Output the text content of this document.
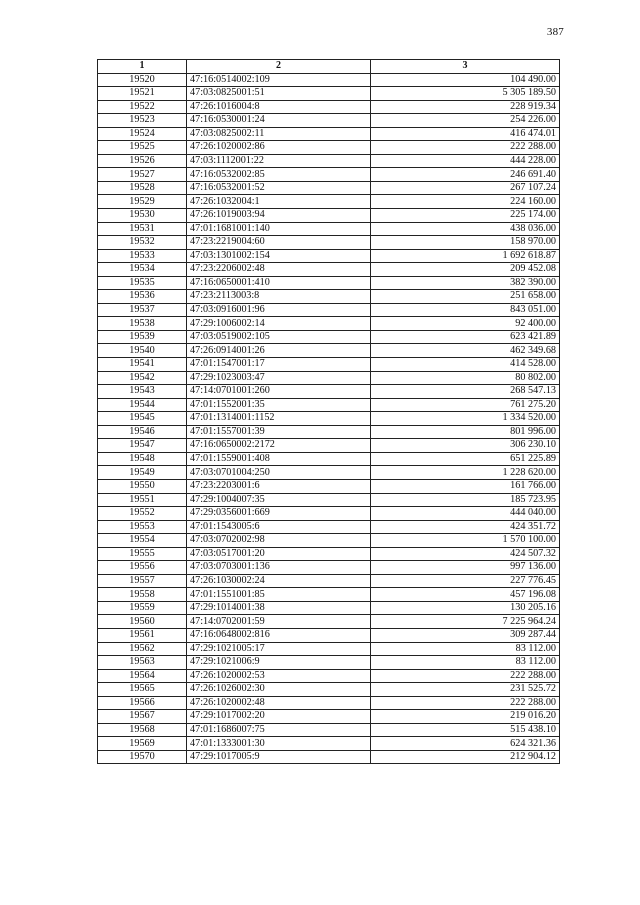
387
1	2	3
19520	47:16:0514002:109	104 490.00
19521	47:03:0825001:51	5 305 189.50
19522	47:26:1016004:8	228 919.34
19523	47:16:0530001:24	254 226.00
19524	47:03:0825002:11	416 474.01
19525	47:26:1020002:86	222 288.00
19526	47:03:1112001:22	444 228.00
19527	47:16:0532002:85	246 691.40
19528	47:16:0532001:52	267 107.24
19529	47:26:1032004:1	224 160.00
19530	47:26:1019003:94	225 174.00
19531	47:01:1681001:140	438 036.00
19532	47:23:2219004:60	158 970.00
19533	47:03:1301002:154	1 692 618.87
19534	47:23:2206002:48	209 452.08
19535	47:16:0650001:410	382 390.00
19536	47:23:2113003:8	251 658.00
19537	47:03:0916001:96	843 051.00
19538	47:29:1006002:14	92 400.00
19539	47:03:0519002:105	623 421.89
19540	47:26:0914001:26	462 349.68
19541	47:01:1547001:17	414 528.00
19542	47:29:1023003:47	80 802.00
19543	47:14:0701001:260	268 547.13
19544	47:01:1552001:35	761 275.20
19545	47:01:1314001:1152	1 334 520.00
19546	47:01:1557001:39	801 996.00
19547	47:16:0650002:2172	306 230.10
19548	47:01:1559001:408	651 225.89
19549	47:03:0701004:250	1 228 620.00
19550	47:23:2203001:6	161 766.00
19551	47:29:1004007:35	185 723.95
19552	47:29:0356001:669	444 040.00
19553	47:01:1543005:6	424 351.72
19554	47:03:0702002:98	1 570 100.00
19555	47:03:0517001:20	424 507.32
19556	47:03:0703001:136	997 136.00
19557	47:26:1030002:24	227 776.45
19558	47:01:1551001:85	457 196.08
19559	47:29:1014001:38	130 205.16
19560	47:14:0702001:59	7 225 964.24
19561	47:16:0648002:816	309 287.44
19562	47:29:1021005:17	83 112.00
19563	47:29:1021006:9	83 112.00
19564	47:26:1020002:53	222 288.00
19565	47:26:1026002:30	231 525.72
19566	47:26:1020002:48	222 288.00
19567	47:29:1017002:20	219 016.20
19568	47:01:1686007:75	515 438.10
19569	47:01:1333001:30	624 321.36
19570	47:29:1017005:9	212 904.12
